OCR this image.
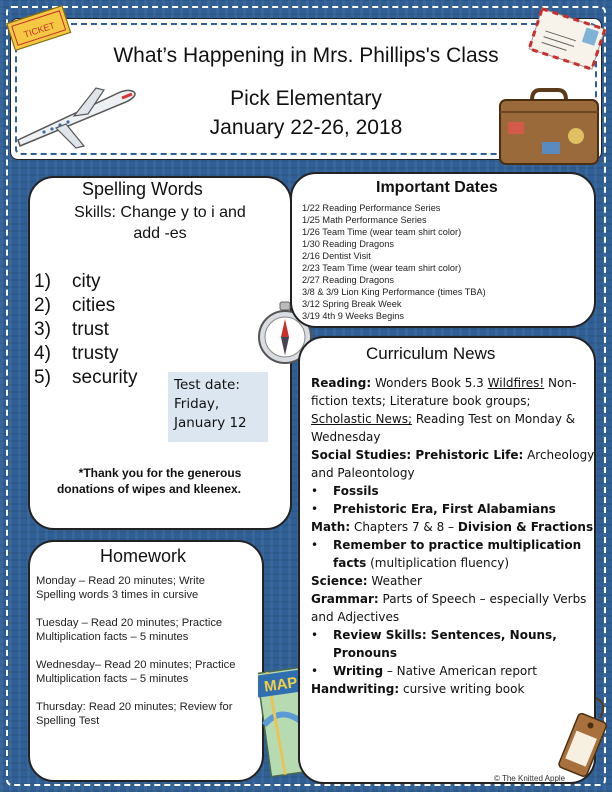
What’s Happening in Mrs. Phillips's Class
Pick Elementary
January 22-26, 2018
TICKET
Spelling Words
Skills: Change y to i and
add -es
1)	city
2)	cities
3)	trust
4)	trusty
5)	security	Test date:
Friday,
January 12
*Thank you for the generous
donations of wipes and kleenex.
Homework

Monday – Read 20 minutes; Write
Spelling words 3 times in cursive

Tuesday – Read 20 minutes; Practice
Multiplication facts – 5 minutes

Wednesday– Read 20 minutes; Practice
Multiplication facts – 5 minutes

Thursday: Read 20 minutes; Review for
Spelling Test

MAP
Important Dates
1/22 Reading Performance Series
1/25 Math Performance Series
1/26 Team Time (wear team shirt color)
1/30 Reading Dragons
2/16 Dentist Visit
2/23 Team Time (wear team shirt color)
2/27 Reading Dragons
3/8 & 3/9 Lion King Performance (times TBA)
3/12 Spring Break Week
3/19 4th 9 Weeks Begins
Curriculum News
Reading: Wonders Book 5.3 Wildfires! Non-
fiction texts; Literature book groups;
Scholastic News; Reading Test on Monday &
Wednesday
Social Studies: Prehistoric Life: Archeology
and Paleontology
• Fossils
• Prehistoric Era, First Alabamians
Math: Chapters 7 & 8 – Division & Fractions
• Remember to practice multiplication
facts (multiplication fluency)
Science: Weather
Grammar: Parts of Speech – especially Verbs
and Adjectives
• Review Skills: Sentences, Nouns,
Pronouns
• Writing – Native American report
Handwriting: cursive writing book
© The Knitted Apple
